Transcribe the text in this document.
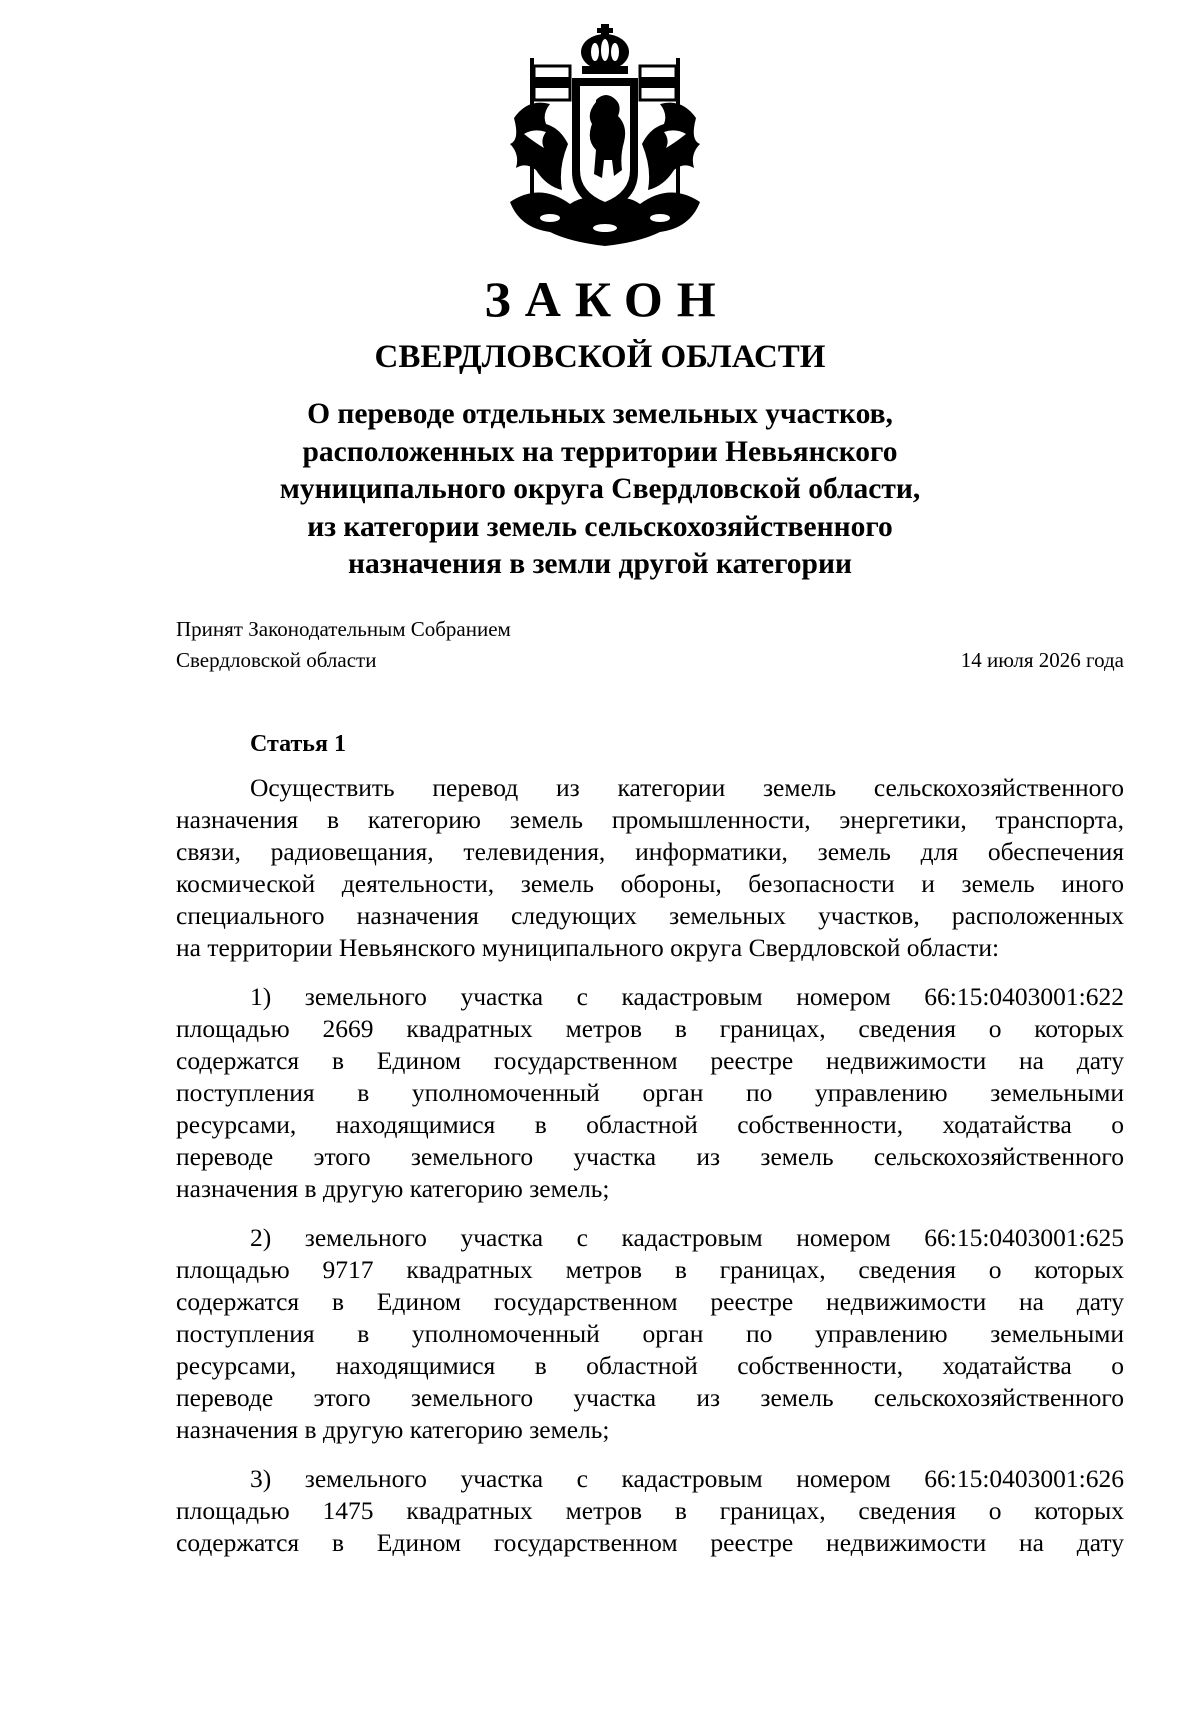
ЗАКОН
СВЕРДЛОВСКОЙ ОБЛАСТИ
О переводе отдельных земельных участков,
расположенных на территории Невьянского
муниципального округа Свердловской области,
из категории земель сельскохозяйственного
назначения в земли другой категории
Принят Законодательным Собранием
Свердловской области	14 июля 2026 года
Статья 1
Осуществить перевод из категории земель сельскохозяйственного
назначения в категорию земель промышленности, энергетики, транспорта,
связи, радиовещания, телевидения, информатики, земель для обеспечения
космической деятельности, земель обороны, безопасности и земель иного
специального назначения следующих земельных участков, расположенных
на территории Невьянского муниципального округа Свердловской области:
1) земельного участка с кадастровым номером 66:15:0403001:622
площадью 2669 квадратных метров в границах, сведения о которых
содержатся в Едином государственном реестре недвижимости на дату
поступления в уполномоченный орган по управлению земельными
ресурсами, находящимися в областной собственности, ходатайства о
переводе этого земельного участка из земель сельскохозяйственного
назначения в другую категорию земель;
2) земельного участка с кадастровым номером 66:15:0403001:625
площадью 9717 квадратных метров в границах, сведения о которых
содержатся в Едином государственном реестре недвижимости на дату
поступления в уполномоченный орган по управлению земельными
ресурсами, находящимися в областной собственности, ходатайства о
переводе этого земельного участка из земель сельскохозяйственного
назначения в другую категорию земель;
3) земельного участка с кадастровым номером 66:15:0403001:626
площадью 1475 квадратных метров в границах, сведения о которых
содержатся в Едином государственном реестре недвижимости на дату
